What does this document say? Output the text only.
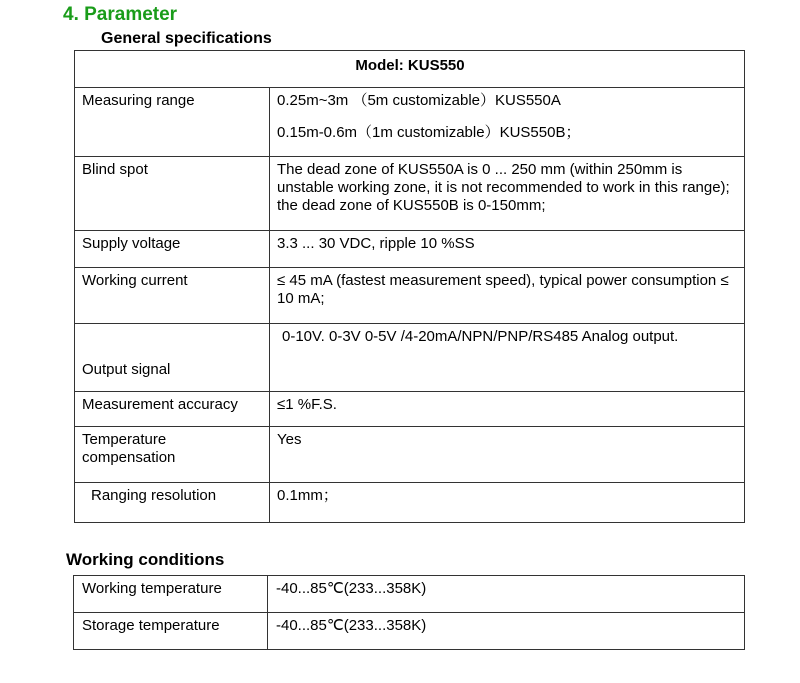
4. Parameter
General specifications
Model: KUS550	
Measuring range	0.25m~3m （5m customizable）KUS550A
0.15m-0.6m（1m customizable）KUS550B；

Blind spot	The dead zone of KUS550A is 0 ... 250 mm (within 250mm is unstable working zone, it is not recommended to work in this range); the dead zone of KUS550B is 0-150mm;
Supply voltage	3.3 ... 30 VDC, ripple 10 %SS
Working current	≤ 45 mA (fastest measurement speed), typical power consumption ≤ 10 mA;
Output signal	0-10V. 0-3V 0-5V /4-20mA/NPN/PNP/RS485 Analog output.
Measurement accuracy	≤1 %F.S.
Temperature compensation	Yes
Ranging resolution	0.1mm；
Working conditions
Working temperature	-40...85℃(233...358K)
Storage temperature	-40...85℃(233...358K)
